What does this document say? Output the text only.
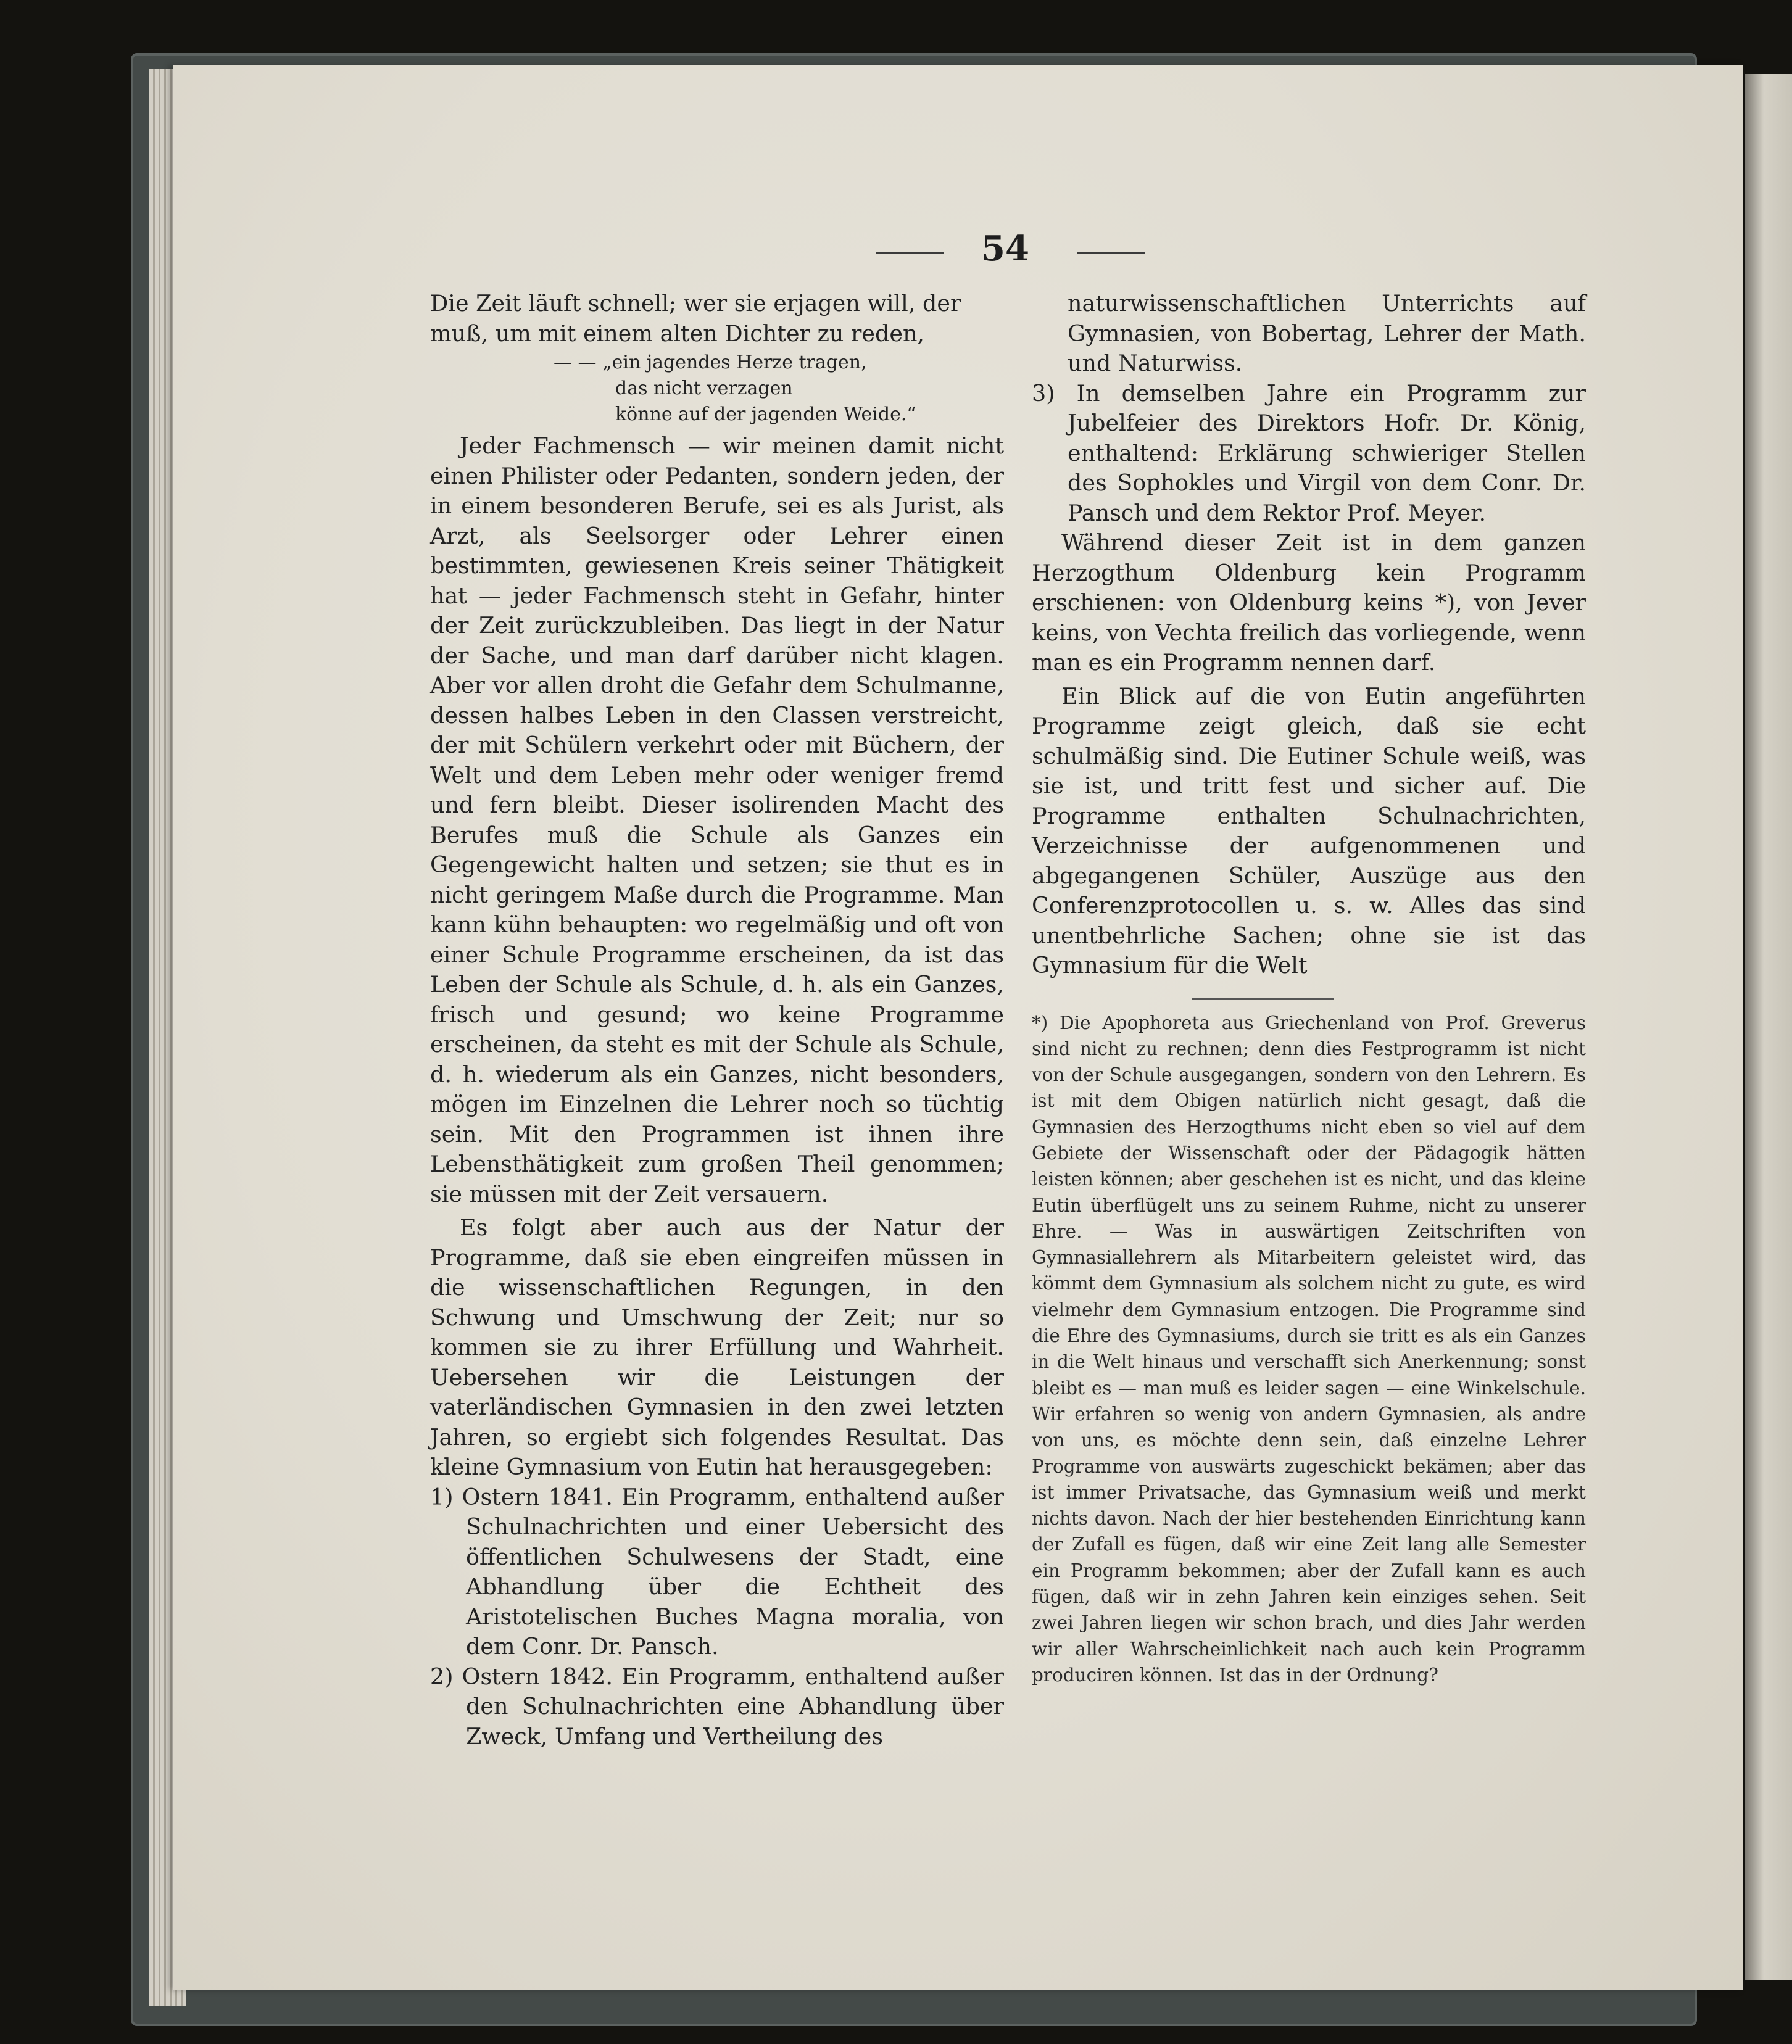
54

Die Zeit läuft schnell; wer sie erjagen will, der

muß, um mit einem alten Dichter zu reden,

— — „ein jagendes Herze tragen,
das nicht verzagen
könne auf der jagenden Weide.“

Jeder Fachmensch — wir meinen damit nicht einen Philister oder Pedanten, sondern jeden, der in einem besonderen Berufe, sei es als Jurist, als Arzt, als Seelsorger oder Lehrer einen bestimmten, gewiesenen Kreis seiner Thätigkeit hat — jeder Fachmensch steht in Gefahr, hinter der Zeit zurückzubleiben. Das liegt in der Natur der Sache, und man darf darüber nicht klagen. Aber vor allen droht die Gefahr dem Schulmanne, dessen halbes Leben in den Classen verstreicht, der mit Schülern verkehrt oder mit Büchern, der Welt und dem Leben mehr oder weniger fremd und fern bleibt. Dieser isolirenden Macht des Berufes muß die Schule als Ganzes ein Gegengewicht halten und setzen; sie thut es in nicht geringem Maße durch die Programme. Man kann kühn behaupten: wo regelmäßig und oft von einer Schule Programme erscheinen, da ist das Leben der Schule als Schule, d. h. als ein Ganzes, frisch und gesund; wo keine Programme erscheinen, da steht es mit der Schule als Schule, d. h. wiederum als ein Ganzes, nicht besonders, mögen im Einzelnen die Lehrer noch so tüchtig sein. Mit den Programmen ist ihnen ihre Lebensthätigkeit zum großen Theil genommen; sie müssen mit der Zeit versauern.

Es folgt aber auch aus der Natur der Programme, daß sie eben eingreifen müssen in die wissenschaftlichen Regungen, in den Schwung und Umschwung der Zeit; nur so kommen sie zu ihrer Erfüllung und Wahrheit. Uebersehen wir die Leistungen der vaterländischen Gymnasien in den zwei letzten Jahren, so ergiebt sich folgendes Resultat. Das kleine Gymnasium von Eutin hat herausgegeben:

1) Ostern 1841. Ein Programm, enthaltend außer Schulnachrichten und einer Uebersicht des öffentlichen Schulwesens der Stadt, eine Abhandlung über die Echtheit des Aristotelischen Buches Magna moralia, von dem Conr. Dr. Pansch.

2) Ostern 1842. Ein Programm, enthaltend außer den Schulnachrichten eine Abhandlung über Zweck, Umfang und Vertheilung des

naturwissenschaftlichen Unterrichts auf Gymnasien, von Bobertag, Lehrer der Math. und Naturwiss.

3) In demselben Jahre ein Programm zur Jubelfeier des Direktors Hofr. Dr. König, enthaltend: Erklärung schwieriger Stellen des Sophokles und Virgil von dem Conr. Dr. Pansch und dem Rektor Prof. Meyer.

Während dieser Zeit ist in dem ganzen Herzogthum Oldenburg kein Programm erschienen: von Oldenburg keins *), von Jever keins, von Vechta freilich das vorliegende, wenn man es ein Programm nennen darf.

Ein Blick auf die von Eutin angeführten Programme zeigt gleich, daß sie echt schulmäßig sind. Die Eutiner Schule weiß, was sie ist, und tritt fest und sicher auf. Die Programme enthalten Schulnachrichten, Verzeichnisse der aufgenommenen und abgegangenen Schüler, Auszüge aus den Conferenzprotocollen u. s. w. Alles das sind unentbehrliche Sachen; ohne sie ist das Gymnasium für die Welt

*) Die Apophoreta aus Griechenland von Prof. Greverus sind nicht zu rechnen; denn dies Festprogramm ist nicht von der Schule ausgegangen, sondern von den Lehrern. Es ist mit dem Obigen natürlich nicht gesagt, daß die Gymnasien des Herzogthums nicht eben so viel auf dem Gebiete der Wissenschaft oder der Pädagogik hätten leisten können; aber geschehen ist es nicht, und das kleine Eutin überflügelt uns zu seinem Ruhme, nicht zu unserer Ehre. — Was in auswärtigen Zeitschriften von Gymnasiallehrern als Mitarbeitern geleistet wird, das kömmt dem Gymnasium als solchem nicht zu gute, es wird vielmehr dem Gymnasium entzogen. Die Programme sind die Ehre des Gymnasiums, durch sie tritt es als ein Ganzes in die Welt hinaus und verschafft sich Anerkennung; sonst bleibt es — man muß es leider sagen — eine Winkelschule. Wir erfahren so wenig von andern Gymnasien, als andre von uns, es möchte denn sein, daß einzelne Lehrer Programme von auswärts zugeschickt bekämen; aber das ist immer Privatsache, das Gymnasium weiß und merkt nichts davon. Nach der hier bestehenden Einrichtung kann der Zufall es fügen, daß wir eine Zeit lang alle Semester ein Programm bekommen; aber der Zufall kann es auch fügen, daß wir in zehn Jahren kein einziges sehen. Seit zwei Jahren liegen wir schon brach, und dies Jahr werden wir aller Wahrscheinlichkeit nach auch kein Programm produciren können. Ist das in der Ordnung?
